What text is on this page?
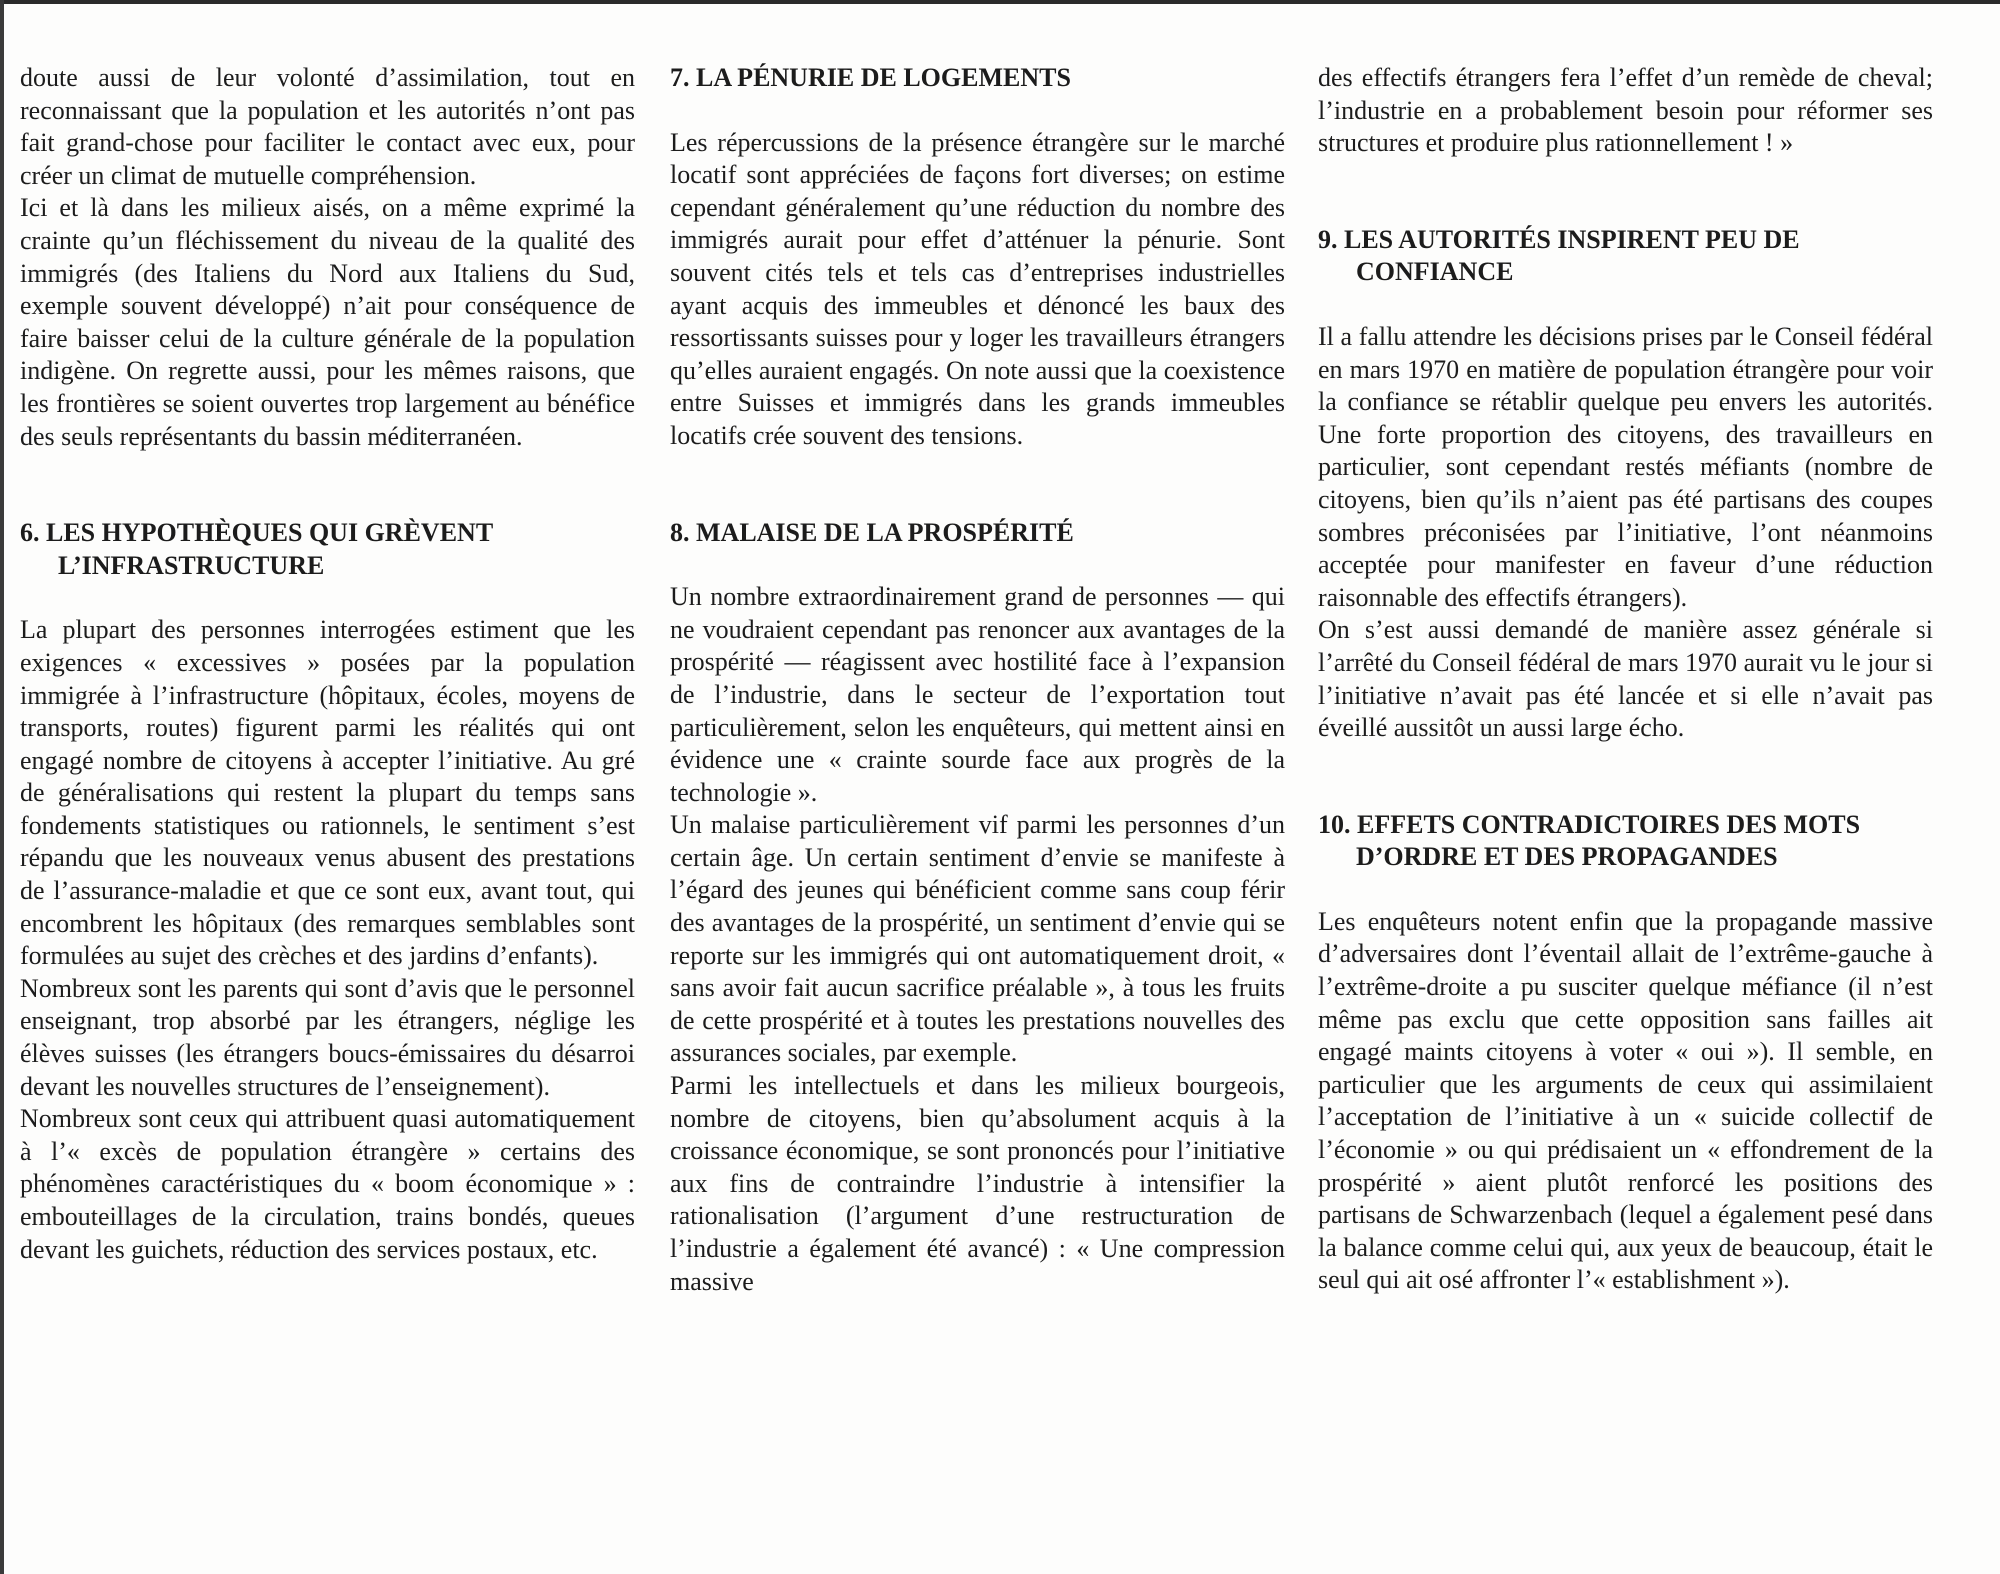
doute aussi de leur volonté d’assimilation, tout en reconnaissant que la population et les autorités n’ont pas fait grand-chose pour faciliter le contact avec eux, pour créer un climat de mutuelle compréhension.

Ici et là dans les milieux aisés, on a même exprimé la crainte qu’un fléchissement du niveau de la qualité des immigrés (des Italiens du Nord aux Italiens du Sud, exemple souvent développé) n’ait pour conséquence de faire baisser celui de la culture générale de la population indigène. On regrette aussi, pour les mêmes raisons, que les frontières se soient ouvertes trop largement au bénéfice des seuls représentants du bassin méditerranéen.

6. LES HYPOTHÈQUES QUI GRÈVENT L’INFRASTRUCTURE

La plupart des personnes interrogées estiment que les exigences « excessives » posées par la population immigrée à l’infrastructure (hôpitaux, écoles, moyens de transports, routes) figurent parmi les réalités qui ont engagé nombre de citoyens à accepter l’initiative. Au gré de généralisations qui restent la plupart du temps sans fondements statistiques ou rationnels, le sentiment s’est répandu que les nouveaux venus abusent des prestations de l’assurance-maladie et que ce sont eux, avant tout, qui encombrent les hôpitaux (des remarques semblables sont formulées au sujet des crèches et des jardins d’enfants).

Nombreux sont les parents qui sont d’avis que le personnel enseignant, trop absorbé par les étrangers, néglige les élèves suisses (les étrangers boucs-émissaires du désarroi devant les nouvelles structures de l’enseignement).

Nombreux sont ceux qui attribuent quasi automatiquement à l’« excès de population étrangère » certains des phénomènes caractéristiques du « boom économique » : embouteillages de la circulation, trains bondés, queues devant les guichets, réduction des services postaux, etc.

7. LA PÉNURIE DE LOGEMENTS

Les répercussions de la présence étrangère sur le marché locatif sont appréciées de façons fort diverses; on estime cependant généralement qu’une réduction du nombre des immigrés aurait pour effet d’atténuer la pénurie. Sont souvent cités tels et tels cas d’entreprises industrielles ayant acquis des immeubles et dénoncé les baux des ressortissants suisses pour y loger les travailleurs étrangers qu’elles auraient engagés. On note aussi que la coexistence entre Suisses et immigrés dans les grands immeubles locatifs crée souvent des tensions.

8. MALAISE DE LA PROSPÉRITÉ

Un nombre extraordinairement grand de personnes — qui ne voudraient cependant pas renoncer aux avantages de la prospérité — réagissent avec hostilité face à l’expansion de l’industrie, dans le secteur de l’exportation tout particulièrement, selon les enquêteurs, qui mettent ainsi en évidence une « crainte sourde face aux progrès de la technologie ».

Un malaise particulièrement vif parmi les personnes d’un certain âge. Un certain sentiment d’envie se manifeste à l’égard des jeunes qui bénéficient comme sans coup férir des avantages de la prospérité, un sentiment d’envie qui se reporte sur les immigrés qui ont automatiquement droit, « sans avoir fait aucun sacrifice préalable », à tous les fruits de cette prospérité et à toutes les prestations nouvelles des assurances sociales, par exemple.

Parmi les intellectuels et dans les milieux bourgeois, nombre de citoyens, bien qu’absolument acquis à la croissance économique, se sont prononcés pour l’initiative aux fins de contraindre l’industrie à intensifier la rationalisation (l’argument d’une restructuration de l’industrie a également été avancé) : « Une compression massive

des effectifs étrangers fera l’effet d’un remède de cheval; l’industrie en a probablement besoin pour réformer ses structures et produire plus rationnellement ! »

9. LES AUTORITÉS INSPIRENT PEU DE CONFIANCE

Il a fallu attendre les décisions prises par le Conseil fédéral en mars 1970 en matière de population étrangère pour voir la confiance se rétablir quelque peu envers les autorités. Une forte proportion des citoyens, des travailleurs en particulier, sont cependant restés méfiants (nombre de citoyens, bien qu’ils n’aient pas été partisans des coupes sombres préconisées par l’initiative, l’ont néanmoins acceptée pour manifester en faveur d’une réduction raisonnable des effectifs étrangers).

On s’est aussi demandé de manière assez générale si l’arrêté du Conseil fédéral de mars 1970 aurait vu le jour si l’initiative n’avait pas été lancée et si elle n’avait pas éveillé aussitôt un aussi large écho.

10. EFFETS CONTRADICTOIRES DES MOTS D’ORDRE ET DES PROPAGANDES

Les enquêteurs notent enfin que la propagande massive d’adversaires dont l’éventail allait de l’extrême-gauche à l’extrême-droite a pu susciter quelque méfiance (il n’est même pas exclu que cette opposition sans failles ait engagé maints citoyens à voter « oui »). Il semble, en particulier que les arguments de ceux qui assimilaient l’acceptation de l’initiative à un « suicide collectif de l’économie » ou qui prédisaient un « effondrement de la prospérité » aient plutôt renforcé les positions des partisans de Schwarzenbach (lequel a également pesé dans la balance comme celui qui, aux yeux de beaucoup, était le seul qui ait osé affronter l’« establishment »).
